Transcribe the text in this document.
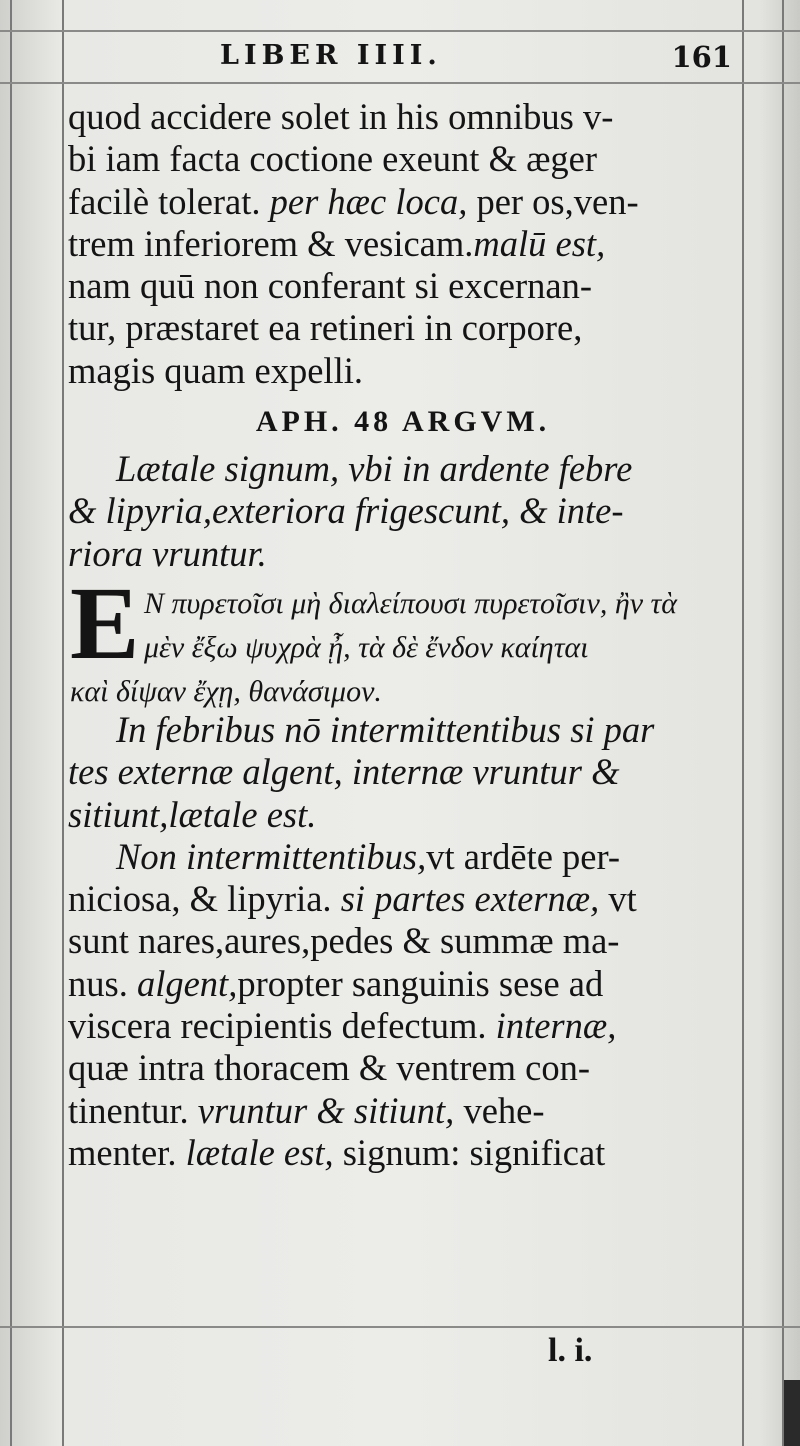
LIBER IIII.	161
quod accidere solet in his omnibus v-
bi iam facta coctione exeunt & æger
facilè tolerat. per hæc loca, per os,ven-
trem inferiorem & vesicam.malū est,
nam quū non conferant si excernan-
tur, præstaret ea retineri in corpore,
magis quam expelli.
APH. 48 ARGVM.
Lætale signum, vbi in ardente febre
& lipyria,exteriora frigescunt, & inte-
riora vruntur.
E Ν πυρετοῖσι μὴ διαλείπουσι πυρετοῖσιν, ἢν τὰ
μὲν ἔξω ψυχρὰ ᾖ, τὰ δὲ ἔνδον καίηται
καὶ δίψαν ἔχῃ, θανάσιμον.
In febribus nō intermittentibus si par
tes externæ algent, internæ vruntur &
sitiunt,lætale est.
Non intermittentibus,vt ardēte per-
niciosa, & lipyria. si partes externæ, vt
sunt nares,aures,pedes & summæ ma-
nus. algent,propter sanguinis sese ad
viscera recipientis defectum. internæ,
quæ intra thoracem & ventrem con-
tinentur. vruntur & sitiunt, vehe-
menter. lætale est, signum: significat
l. i.
